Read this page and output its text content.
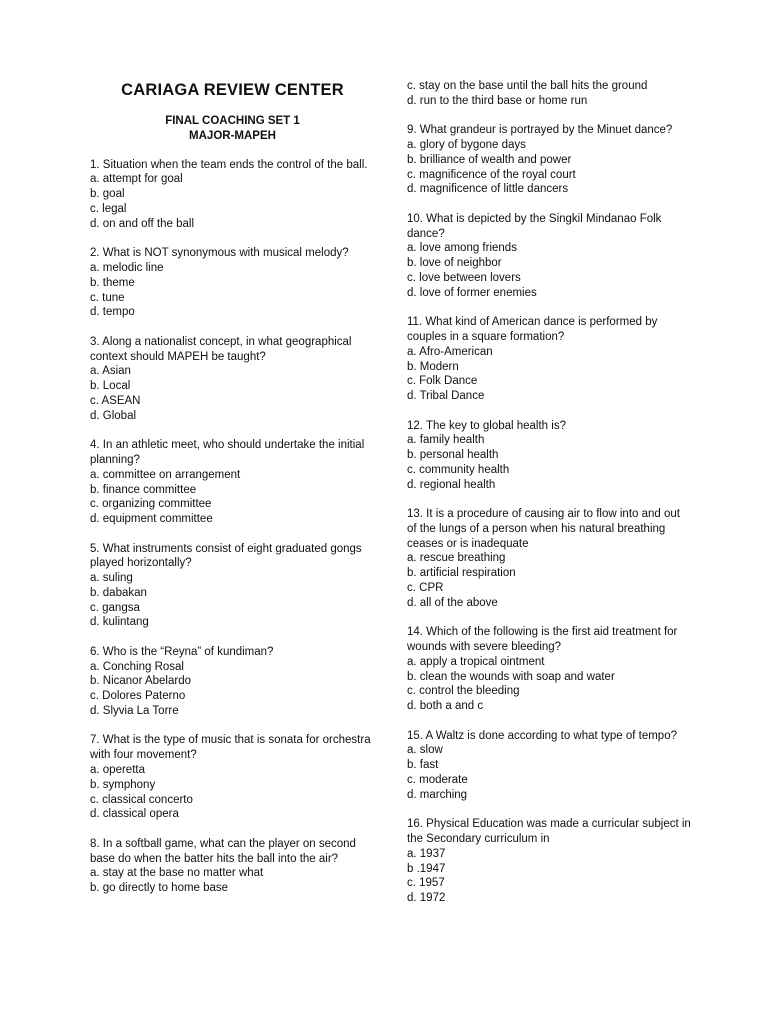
CARIAGA REVIEW CENTER
FINAL COACHING SET 1
MAJOR-MAPEH
1. Situation when the team ends the control of the ball.
a. attempt for goal
b. goal
c. legal
d. on and off the ball
2. What is NOT synonymous with musical melody?
a. melodic line
b. theme
c. tune
d. tempo
3. Along a nationalist concept, in what geographical context should MAPEH be taught?
a. Asian
b. Local
c. ASEAN
d. Global
4. In an athletic meet, who should undertake the initial planning?
a. committee on arrangement
b. finance committee
c. organizing committee
d. equipment committee
5. What instruments consist of eight graduated gongs played horizontally?
a. suling
b. dabakan
c. gangsa
d. kulintang
6. Who is the “Reyna” of kundiman?
a. Conching Rosal
b. Nicanor Abelardo
c. Dolores Paterno
d. Slyvia La Torre
7. What is the type of music that is sonata for orchestra with four movement?
a. operetta
b. symphony
c. classical concerto
d. classical opera
8. In a softball game, what can the player on second base do when the batter hits the ball into the air?
a. stay at the base no matter what
b. go directly to home base
c. stay on the base until the ball hits the ground
d. run to the third base or home run
9. What grandeur is portrayed by the Minuet dance?
a. glory of bygone days
b. brilliance of wealth and power
c. magnificence of the royal court
d. magnificence of little dancers
10. What is depicted by the Singkil Mindanao Folk dance?
a. love among friends
b. love of neighbor
c. love between lovers
d. love of former enemies
11. What kind of American dance is performed by couples in a square formation?
a. Afro-American
b. Modern
c. Folk Dance
d. Tribal Dance
12. The key to global health is?
a. family health
b. personal health
c. community health
d. regional health
13. It is a procedure of causing air to flow into and out of the lungs of a person when his natural breathing ceases or is inadequate
a. rescue breathing
b. artificial respiration
c. CPR
d. all of the above
14. Which of the following is the first aid treatment for wounds with severe bleeding?
a. apply a tropical ointment
b. clean the wounds with soap and water
c. control the bleeding
d. both a and c
15. A Waltz is done according to what type of tempo?
a. slow
b. fast
c. moderate
d. marching
16. Physical Education was made a curricular subject in the Secondary curriculum in
a. 1937
b .1947
c. 1957
d. 1972
